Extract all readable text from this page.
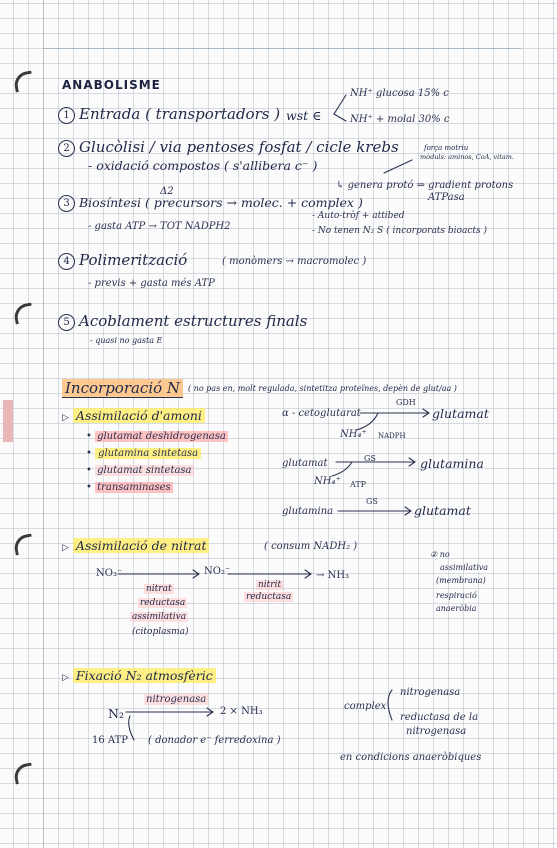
ANABOLISME
1 Entrada ( transportadors ) wst ∈
NH⁺ glucosa 15% c
NH⁺ + molal 30% c
2 Glucòlisi / via pentoses fosfat / cicle krebs
- oxidació compostos ( s'allibera c⁻ )
força motriu
mòduls: aminos, CoA, vitam.
↳ genera protó ⇒ gradient protons
ATPasa
Δ2
3 Biosíntesi ( precursors → molec. + complex )
- gasta ATP → TOT NADPH2
- Auto-tròf + attibed
- No tenen N₂ S ( incorporats bioacts )
4 Polimerització	( monòmers → macromolec )
- previs + gasta més ATP
5 Acoblament estructures finals
- quasi no gasta E
Incorporació N ( no pas en, molt regulada, sintetitza proteïnes, depèn de glut/aa )
▷ Assimilació d'amoni
• glutamat deshidrogenasa
• glutamina sintetasa
• glutamat sintetasa
• transaminases
α - cetoglutarat
GDH
glutamat
NH₄⁺ NADPH
glutamat	GS	glutamina
NH₄⁺ ATP
glutamina
GS
glutamat
▷ Assimilació de nitrat	( consum NADH₂ )
NO₃⁻	NO₂⁻	→ NH₃
nitrat
reductasa
assimilativa
(citoplasma)
nitrit
reductasa
② no
assimilativa
(membrana)
respiració
anaeròbia
▷ Fixació N₂ atmosfèric
N₂
nitrogenasa
2 × NH₃
16 ATP ( donador e⁻ ferredoxina )
complex
nitrogenasa
reductasa de la
nitrogenasa
en condicions anaeròbiques
